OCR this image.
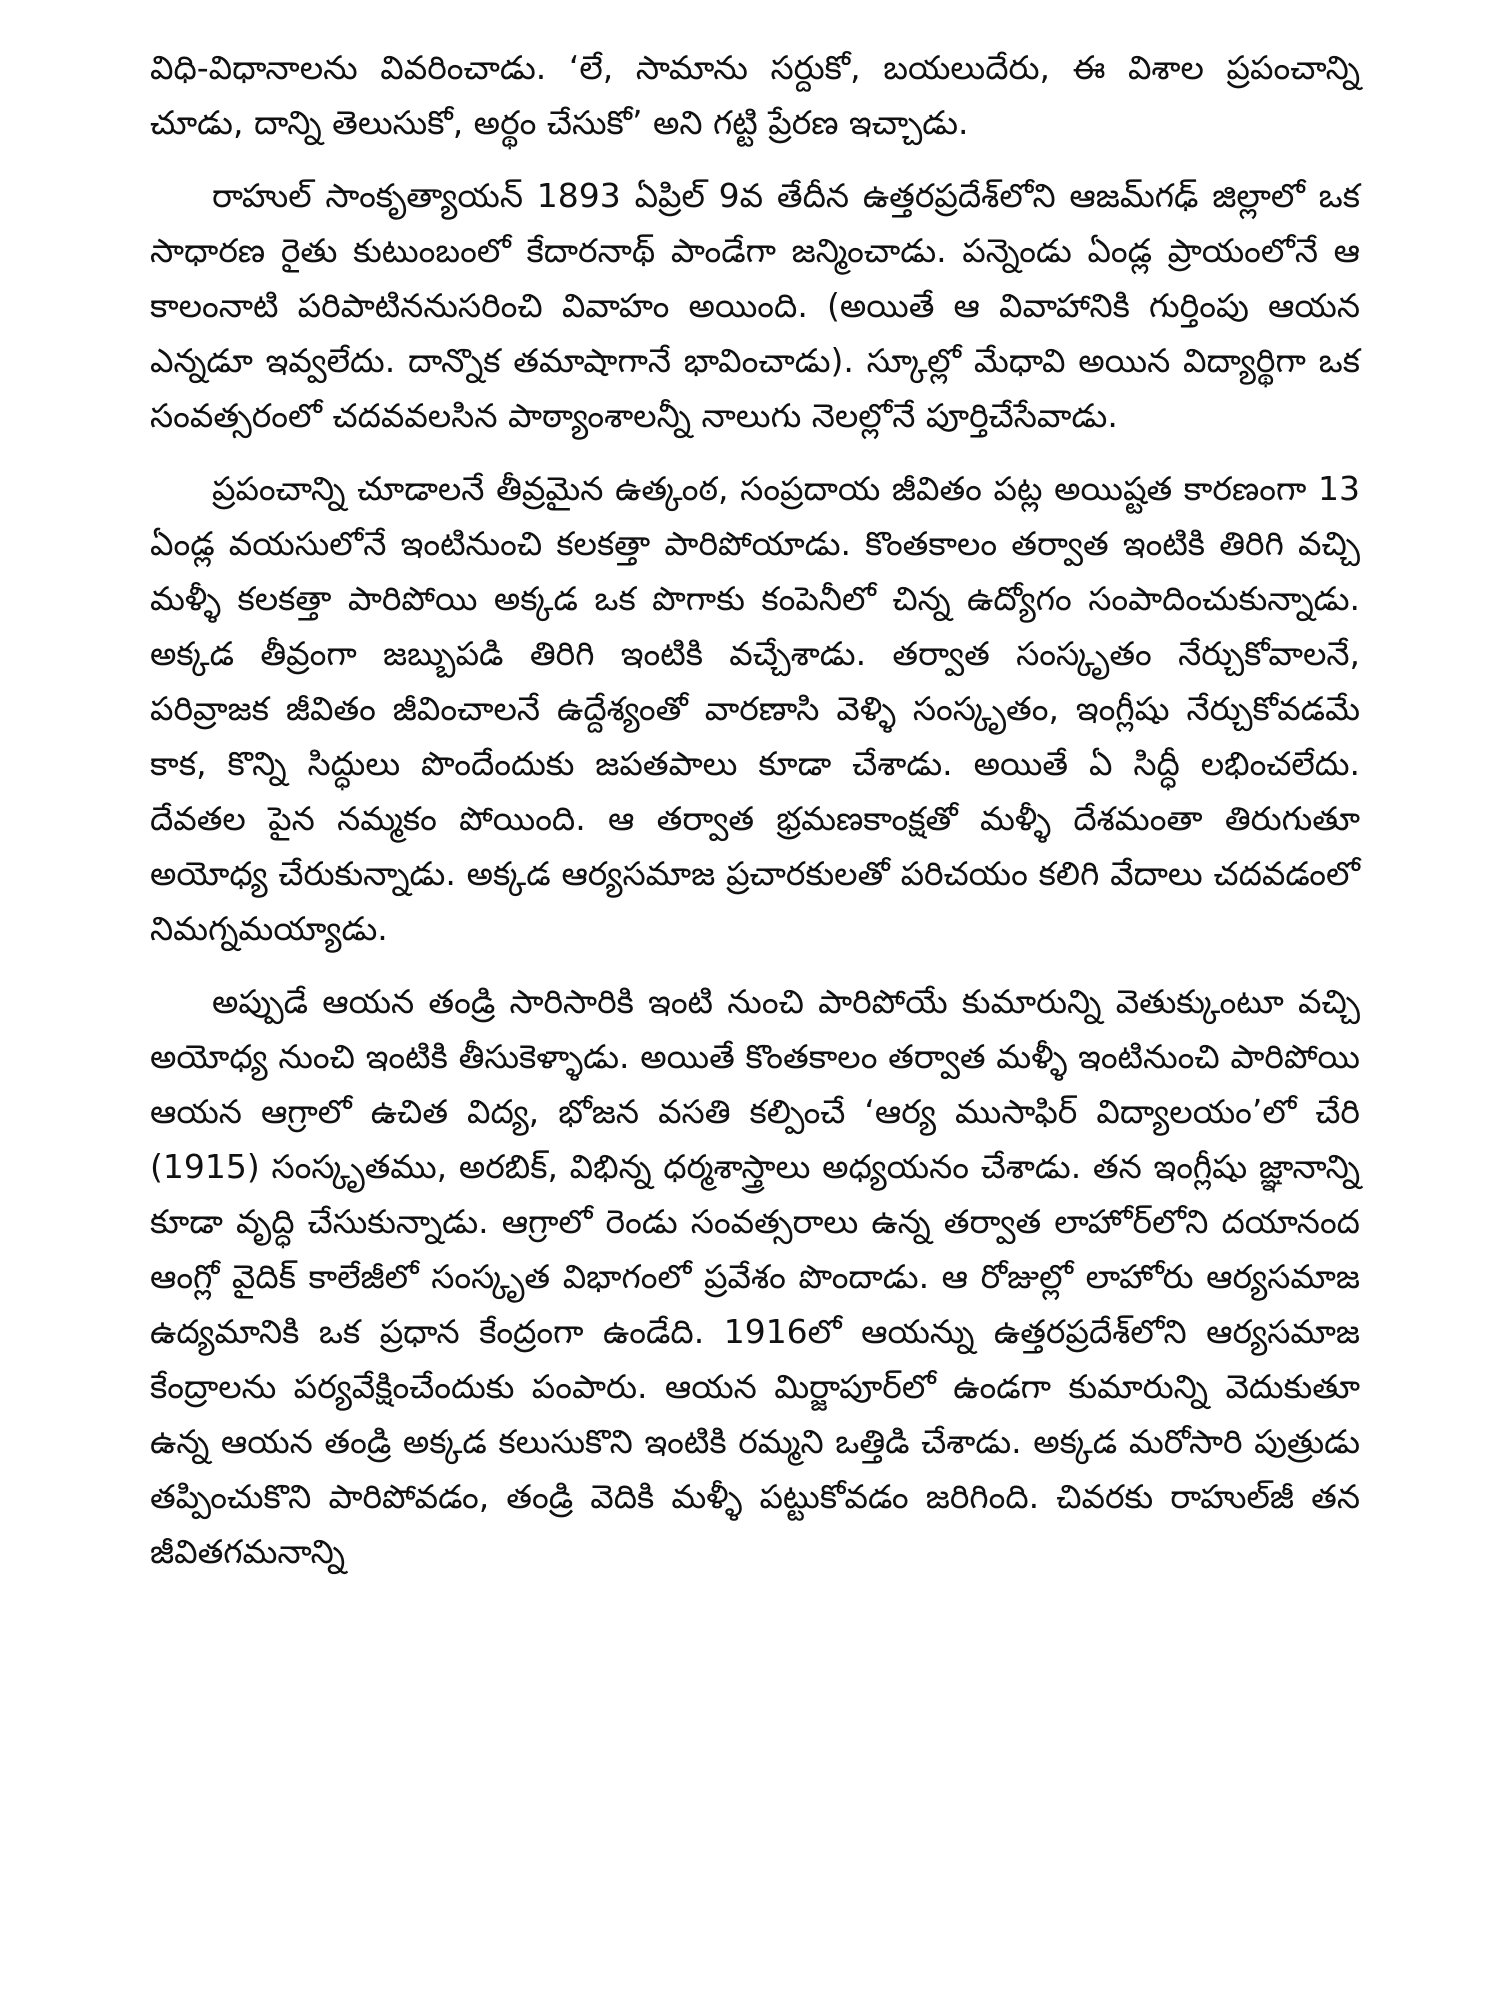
విధి-విధానాలను వివరించాడు. ‘లే, సామాను సర్దుకో, బయలుదేరు, ఈ విశాల ప్రపంచాన్ని చూడు, దాన్ని తెలుసుకో, అర్థం చేసుకో’ అని గట్టి ప్రేరణ ఇచ్చాడు.

రాహుల్ సాంకృత్యాయన్ 1893 ఏప్రిల్ 9వ తేదీన ఉత్తరప్రదేశ్‌లోని ఆజమ్‌గఢ్ జిల్లాలో ఒక సాధారణ రైతు కుటుంబంలో కేదారనాథ్ పాండేగా జన్మించాడు. పన్నెండు ఏండ్ల ప్రాయంలోనే ఆ కాలంనాటి పరిపాటిననుసరించి వివాహం అయింది. (అయితే ఆ వివాహానికి గుర్తింపు ఆయన ఎన్నడూ ఇవ్వలేదు. దాన్నొక తమాషాగానే భావించాడు). స్కూల్లో మేధావి అయిన విద్యార్థిగా ఒక సంవత్సరంలో చదవవలసిన పాఠ్యాంశాలన్నీ నాలుగు నెలల్లోనే పూర్తిచేసేవాడు.

ప్రపంచాన్ని చూడాలనే తీవ్రమైన ఉత్కంఠ, సంప్రదాయ జీవితం పట్ల అయిష్టత కారణంగా 13 ఏండ్ల వయసులోనే ఇంటినుంచి కలకత్తా పారిపోయాడు. కొంతకాలం తర్వాత ఇంటికి తిరిగి వచ్చి మళ్ళీ కలకత్తా పారిపోయి అక్కడ ఒక పొగాకు కంపెనీలో చిన్న ఉద్యోగం సంపాదించుకున్నాడు. అక్కడ తీవ్రంగా జబ్బుపడి తిరిగి ఇంటికి వచ్చేశాడు. తర్వాత సంస్కృతం నేర్చుకోవాలనే, పరివ్రాజక జీవితం జీవించాలనే ఉద్దేశ్యంతో వారణాసి వెళ్ళి సంస్కృతం, ఇంగ్లీషు నేర్చుకోవడమే కాక, కొన్ని సిద్ధులు పొందేందుకు జపతపాలు కూడా చేశాడు. అయితే ఏ సిద్ధీ లభించలేదు. దేవతల పైన నమ్మకం పోయింది. ఆ తర్వాత భ్రమణకాంక్షతో మళ్ళీ దేశమంతా తిరుగుతూ అయోధ్య చేరుకున్నాడు. అక్కడ ఆర్యసమాజ ప్రచారకులతో పరిచయం కలిగి వేదాలు చదవడంలో నిమగ్నమయ్యాడు.

అప్పుడే ఆయన తండ్రి సారిసారికి ఇంటి నుంచి పారిపోయే కుమారున్ని వెతుక్కుంటూ వచ్చి అయోధ్య నుంచి ఇంటికి తీసుకెళ్ళాడు. అయితే కొంతకాలం తర్వాత మళ్ళీ ఇంటినుంచి పారిపోయి ఆయన ఆగ్రాలో ఉచిత విద్య, భోజన వసతి కల్పించే ‘ఆర్య ముసాఫిర్ విద్యాలయం’లో చేరి (1915) సంస్కృతము, అరబిక్, విభిన్న ధర్మశాస్త్రాలు అధ్యయనం చేశాడు. తన ఇంగ్లీషు జ్ఞానాన్ని కూడా వృద్ధి చేసుకున్నాడు. ఆగ్రాలో రెండు సంవత్సరాలు ఉన్న తర్వాత లాహోర్‌లోని దయానంద ఆంగ్లో వైదిక్ కాలేజీలో సంస్కృత విభాగంలో ప్రవేశం పొందాడు. ఆ రోజుల్లో లాహోరు ఆర్యసమాజ ఉద్యమానికి ఒక ప్రధాన కేంద్రంగా ఉండేది. 1916లో ఆయన్ను ఉత్తరప్రదేశ్‌లోని ఆర్యసమాజ కేంద్రాలను పర్యవేక్షించేందుకు పంపారు. ఆయన మిర్జాపూర్‌లో ఉండగా కుమారున్ని వెదుకుతూ ఉన్న ఆయన తండ్రి అక్కడ కలుసుకొని ఇంటికి రమ్మని ఒత్తిడి చేశాడు. అక్కడ మరోసారి పుత్రుడు తప్పించుకొని పారిపోవడం, తండ్రి వెదికి మళ్ళీ పట్టుకోవడం జరిగింది. చివరకు రాహుల్‌జీ తన జీవితగమనాన్ని
